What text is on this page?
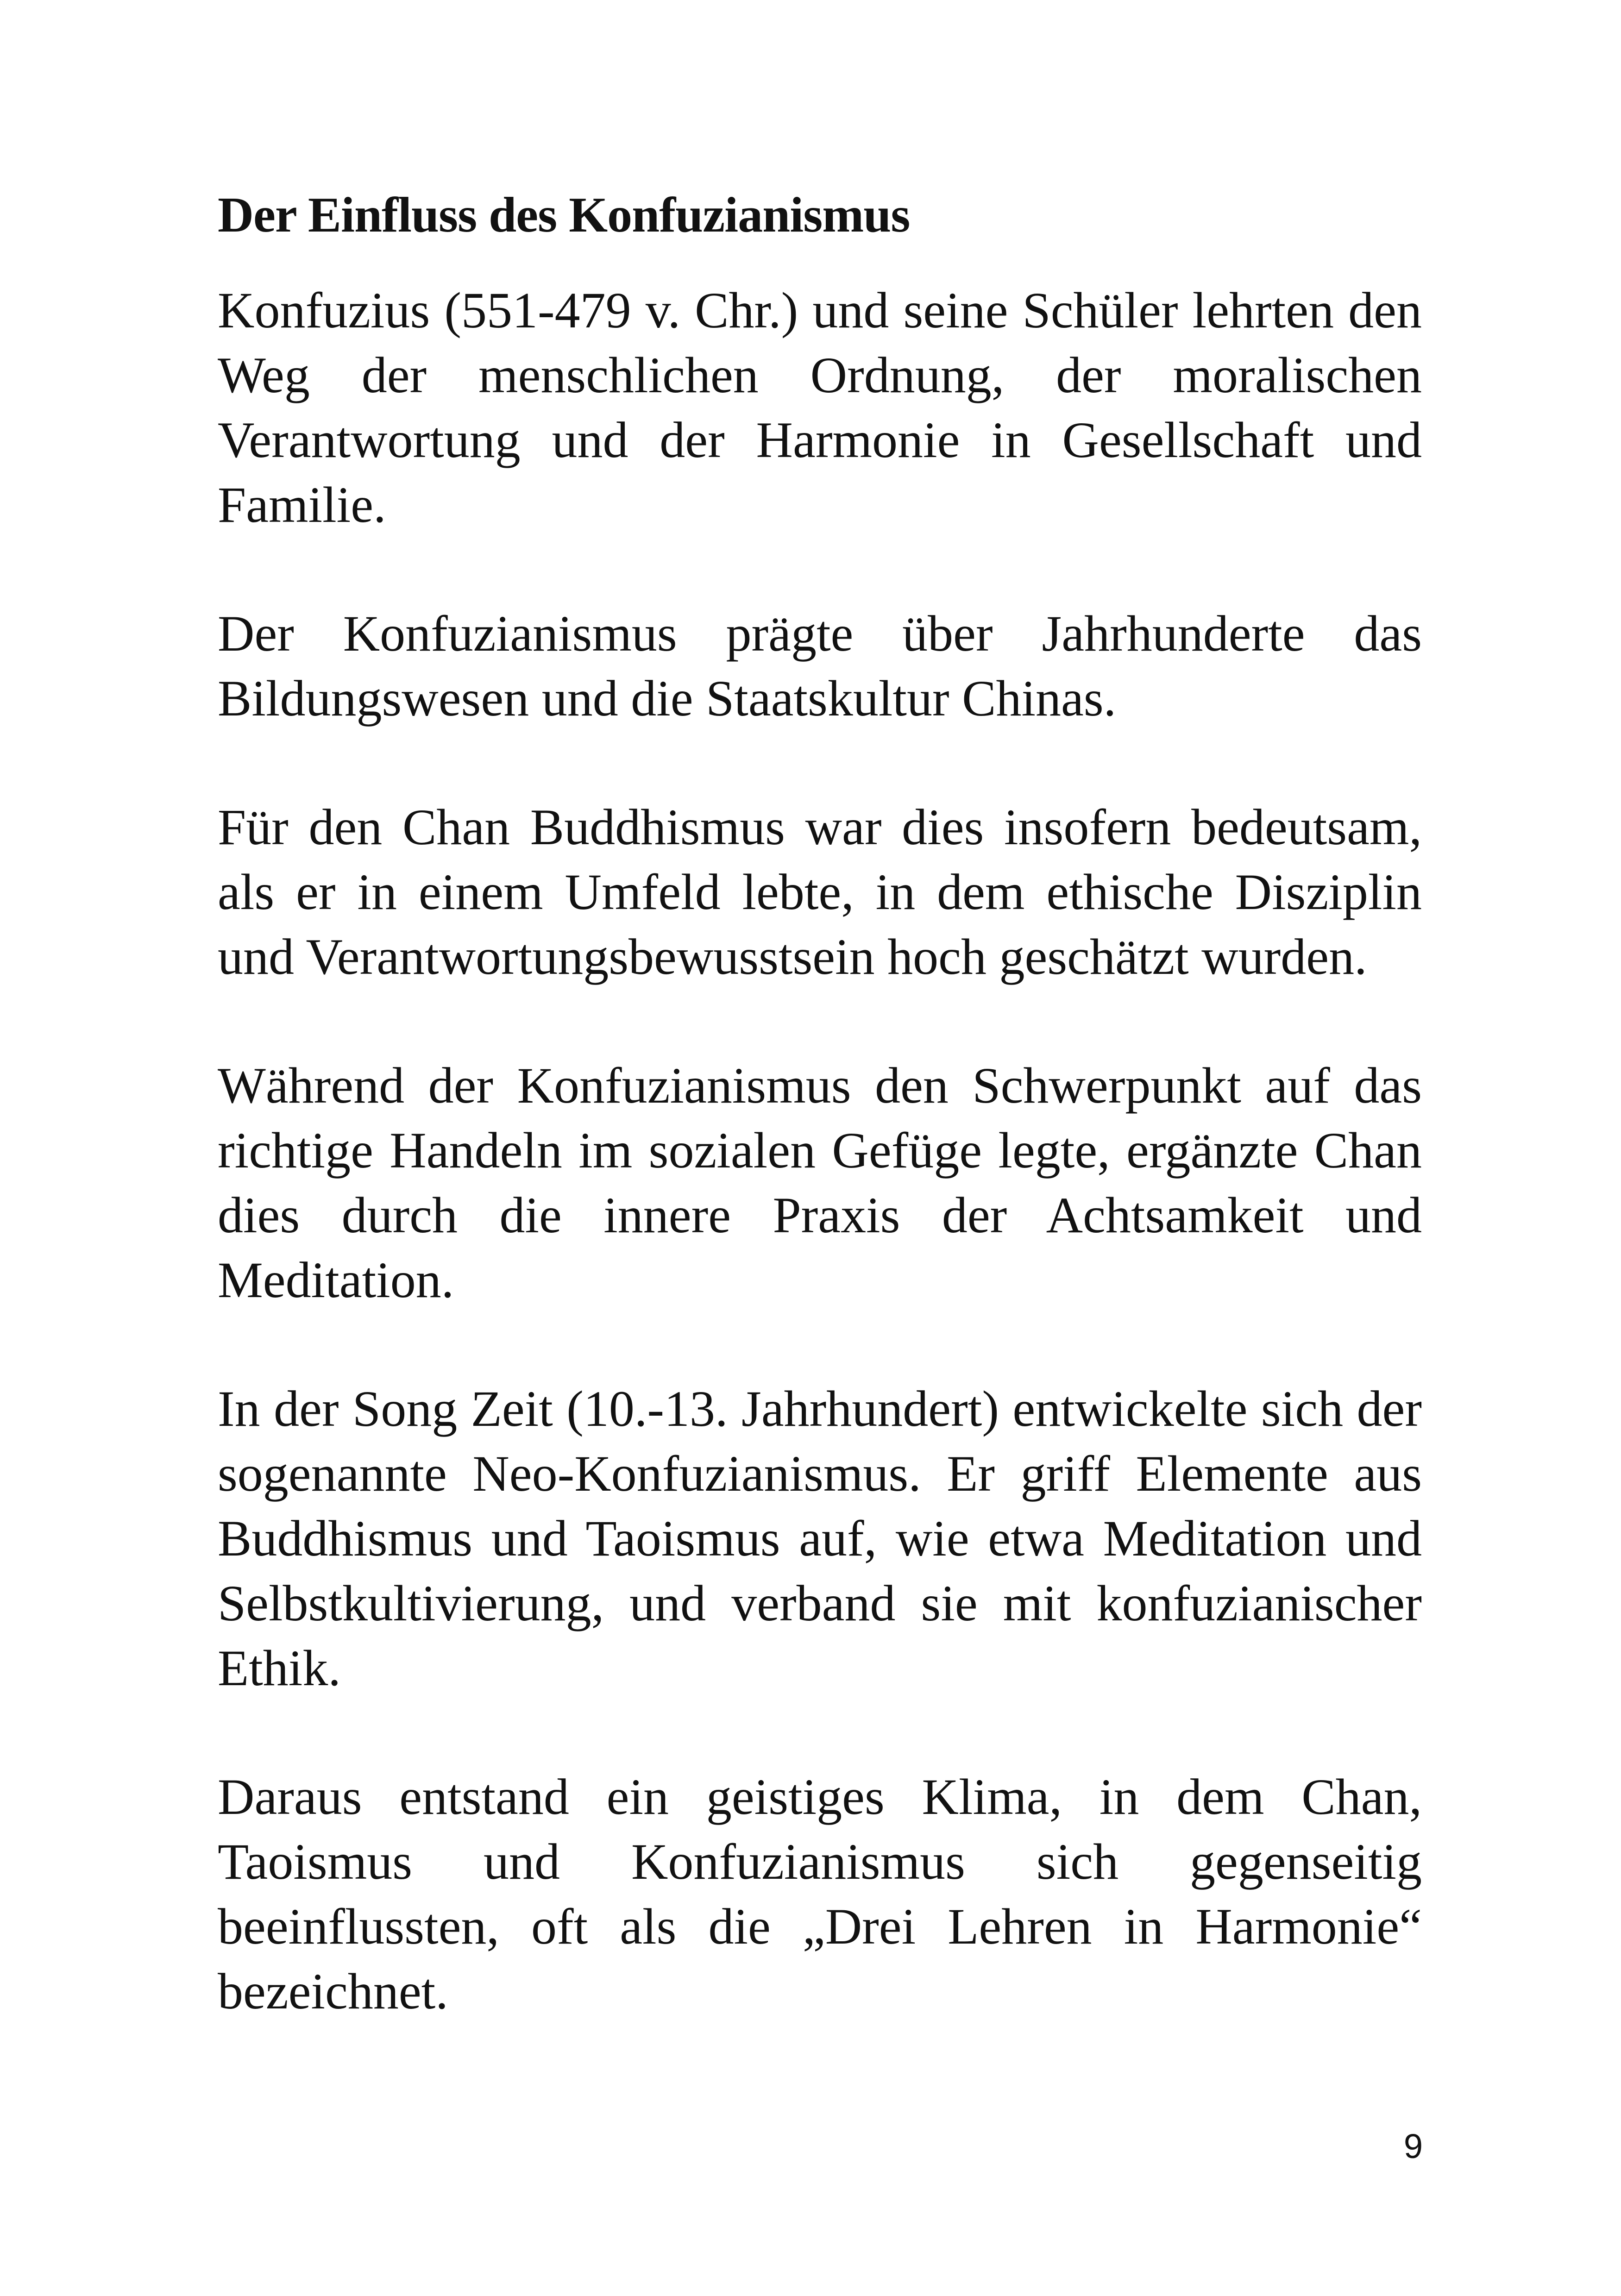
Der Einfluss des Konfuzianismus

Konfuzius (551-479 v. Chr.) und seine Schüler lehrten den Weg der menschlichen Ordnung, der moralischen Verantwortung und der Harmonie in Gesellschaft und Familie.

Der Konfuzianismus prägte über Jahrhunderte das Bildungswesen und die Staatskultur Chinas.

Für den Chan Buddhismus war dies insofern bedeutsam, als er in einem Umfeld lebte, in dem ethische Disziplin und Verantwortungsbewusstsein hoch geschätzt wurden.

Während der Konfuzianismus den Schwerpunkt auf das richtige Handeln im sozialen Gefüge legte, ergänzte Chan dies durch die innere Praxis der Achtsamkeit und Meditation.

In der Song Zeit (10.-13. Jahrhundert) entwickelte sich der sogenannte Neo-Konfuzianismus. Er griff Elemente aus Buddhismus und Taoismus auf, wie etwa Meditation und Selbstkultivierung, und verband sie mit konfuzianischer Ethik.

Daraus entstand ein geistiges Klima, in dem Chan, Taoismus und Konfuzianismus sich gegenseitig beeinflussten, oft als die „Drei Lehren in Harmonie“ bezeichnet.

9
